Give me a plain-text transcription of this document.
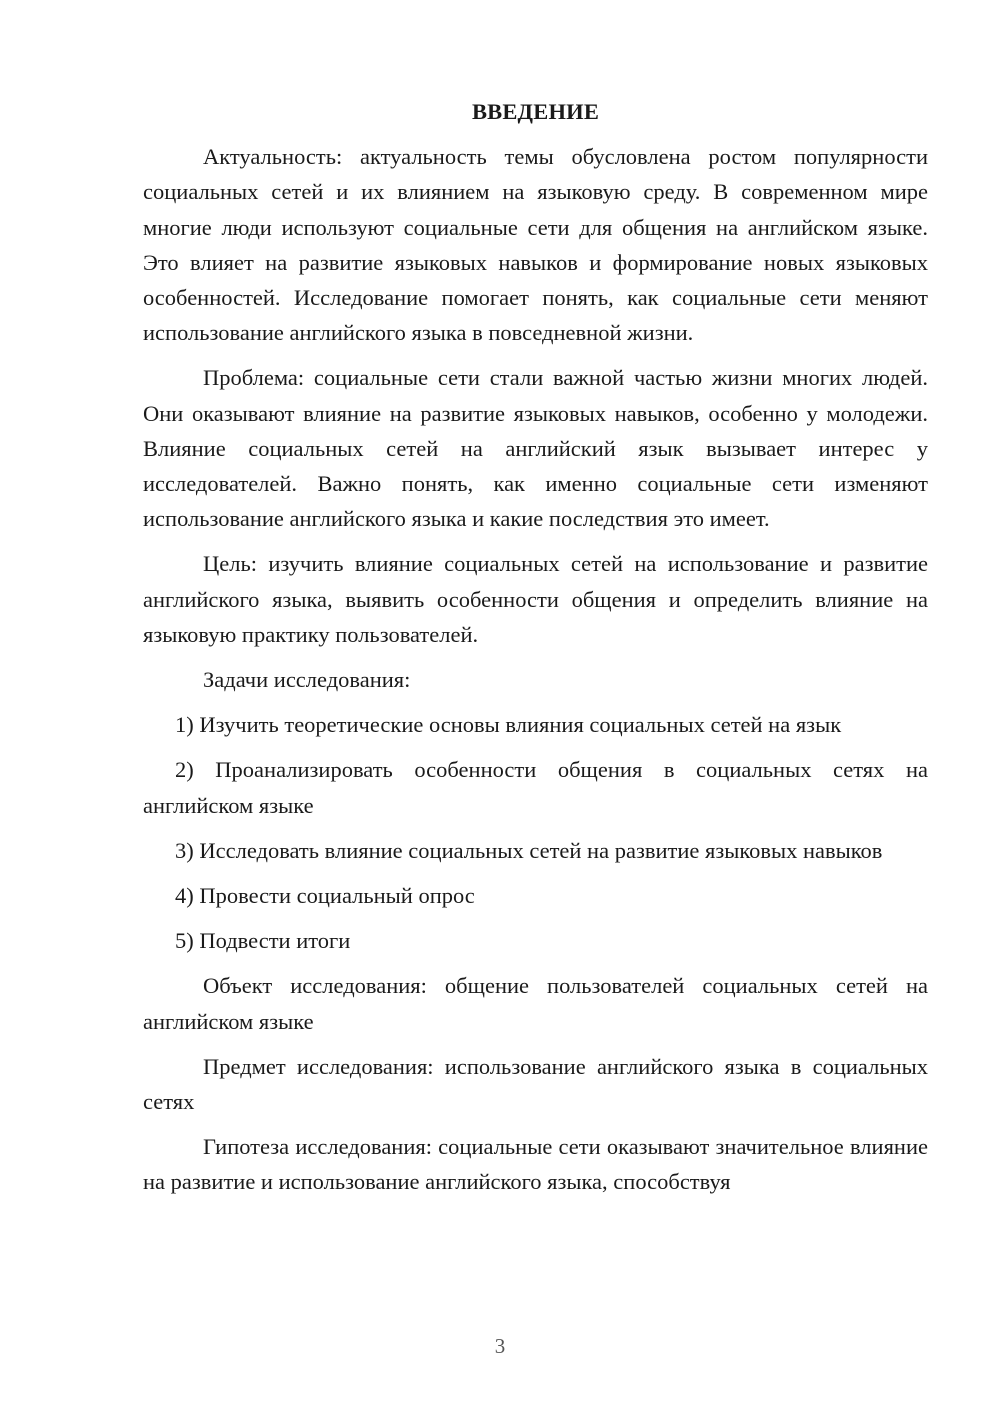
ВВЕДЕНИЕ

Актуальность: актуальность темы обусловлена ростом популярности социальных сетей и их влиянием на языковую среду. В современном мире многие люди используют социальные сети для общения на английском языке. Это влияет на развитие языковых навыков и формирование новых языковых особенностей. Исследование помогает понять, как социальные сети меняют использование английского языка в повседневной жизни.

Проблема: социальные сети стали важной частью жизни многих людей. Они оказывают влияние на развитие языковых навыков, особенно у молодежи. Влияние социальных сетей на английский язык вызывает интерес у исследователей. Важно понять, как именно социальные сети изменяют использование английского языка и какие последствия это имеет.

Цель: изучить влияние социальных сетей на использование и развитие английского языка, выявить особенности общения и определить влияние на языковую практику пользователей.

Задачи исследования:

1) Изучить теоретические основы влияния социальных сетей на язык

2) Проанализировать особенности общения в социальных сетях на английском языке

3) Исследовать влияние социальных сетей на развитие языковых навыков

4) Провести социальный опрос

5) Подвести итоги

Объект исследования: общение пользователей социальных сетей на английском языке

Предмет исследования: использование английского языка в социальных сетях

Гипотеза исследования: социальные сети оказывают значительное влияние на развитие и использование английского языка, способствуя

3
